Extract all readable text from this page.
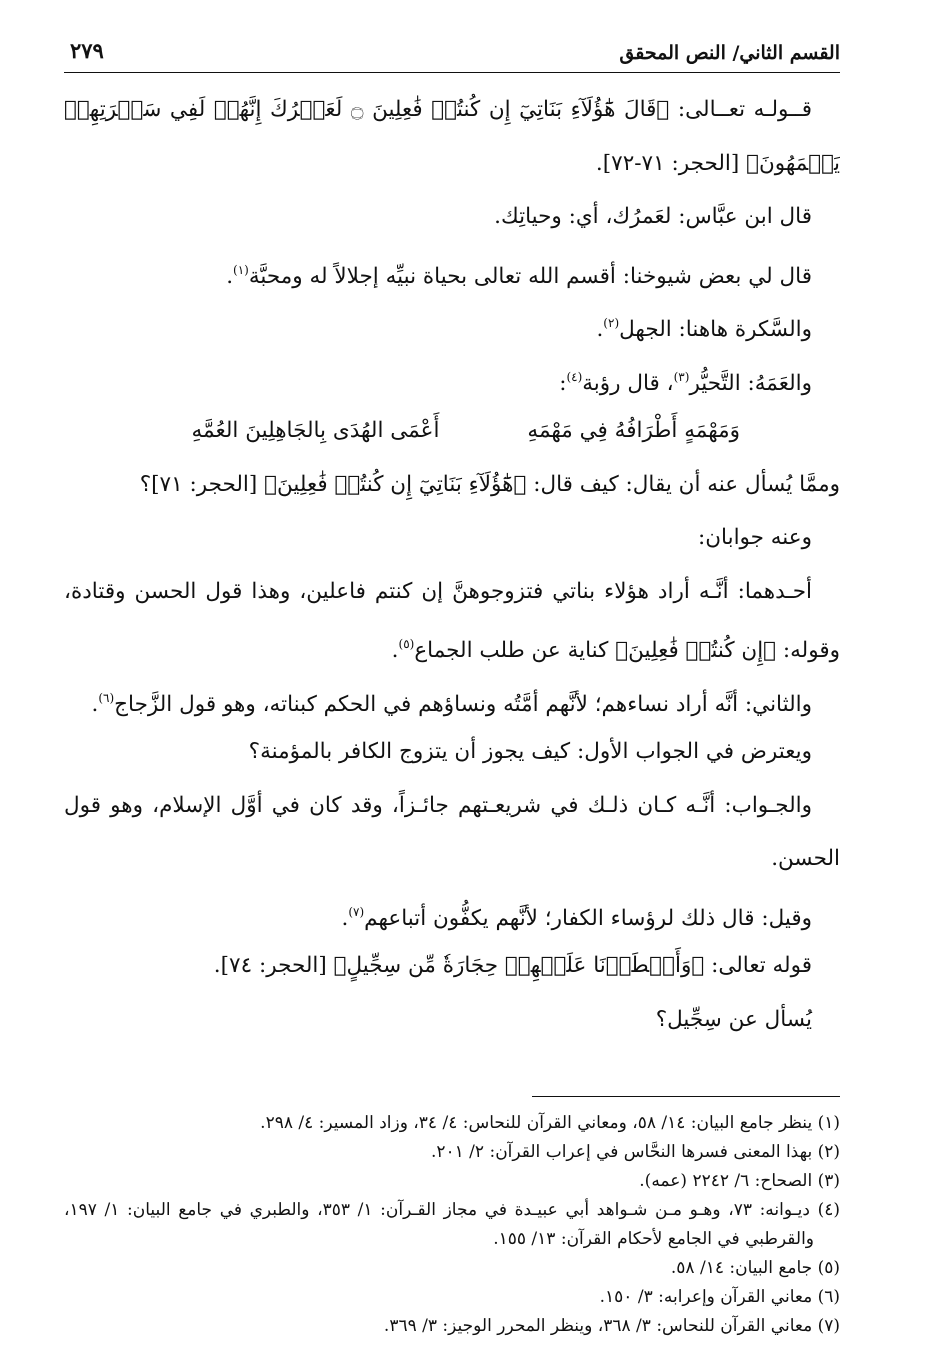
القسم الثاني/ النص المحقق
٢٧٩
قــولـه تعــالى: ﴿قَالَ هَٰٓؤُلَآءِ بَنَاتِيٓ إِن كُنتُمۡ فَٰعِلِينَ ۝ لَعَمۡرُكَ إِنَّهُمۡ لَفِي سَكۡرَتِهِمۡ
يَعۡمَهُونَ﴾ [الحجر: ٧١-٧٢].
قال ابن عبَّاس: لعَمرُك، أي: وحياتِك.
قال لي بعض شيوخنا: أقسم الله تعالى بحياة نبيِّه إجلالاً له ومحبَّة$^{(١)}$.
والسَّكرة هاهنا: الجهل$^{(٢)}$.
والعَمَهُ: التَّحيُّر$^{(٣)}$، قال رؤبة$^{(٤)}$:
وَمَهْمَهٍ أَطْرَافُهُ فِي مَهْمَهِ
أَعْمَى الهُدَى بِالجَاهِلِينَ العُمَّهِ
وممَّا يُسأل عنه أن يقال: كيف قال: ﴿هَٰٓؤُلَآءِ بَنَاتِيٓ إِن كُنتُمۡ فَٰعِلِينَ﴾ [الحجر: ٧١]؟
وعنه جوابان:
أحـدهما: أنَّـه أراد هؤلاء بناتي فتزوجوهنَّ إن كنتم فاعلين، وهذا قول الحسن وقتادة،
وقوله: ﴿إِن كُنتُمۡ فَٰعِلِينَ﴾ كناية عن طلب الجماع$^{(٥)}$.
والثاني: أنَّه أراد نساءهم؛ لأنَّهم أمَّتُه ونساؤهم في الحكم كبناته، وهو قول الزَّجاج$^{(٦)}$.
ويعترض في الجواب الأول: كيف يجوز أن يتزوج الكافر بالمؤمنة؟
والجـواب: أنَّـه كـان ذلـك في شريعـتهم جائـزاً، وقد كان في أوَّل الإسلام، وهو قول
الحسن.
وقيل: قال ذلك لرؤساء الكفار؛ لأنَّهم يكفُّون أتباعهم$^{(٧)}$.
قوله تعالى: ﴿وَأَمۡطَرۡنَا عَلَيۡهِمۡ حِجَارَةٗ مِّن سِجِّيلٍ﴾ [الحجر: ٧٤].
يُسأل عن سِجِّيل؟
(١) ينظر جامع البيان: ١٤/ ٥٨، ومعاني القرآن للنحاس: ٤/ ٣٤، وزاد المسير: ٤/ ٢٩٨.
(٢) بهذا المعنى فسرها النحَّاس في إعراب القرآن: ٢/ ٢٠١.
(٣) الصحاح: ٦/ ٢٢٤٢ (عمه).
(٤) ديـوانه: ٧٣، وهـو مـن شـواهد أبي عبيـدة في مجاز القـرآن: ١/ ٣٥٣، والطبري في جامع البيان: ١/ ١٩٧،
والقرطبي في الجامع لأحكام القرآن: ١٣/ ١٥٥.
(٥) جامع البيان: ١٤/ ٥٨.
(٦) معاني القرآن وإعرابه: ٣/ ١٥٠.
(٧) معاني القرآن للنحاس: ٣/ ٣٦٨، وينظر المحرر الوجيز: ٣/ ٣٦٩.
